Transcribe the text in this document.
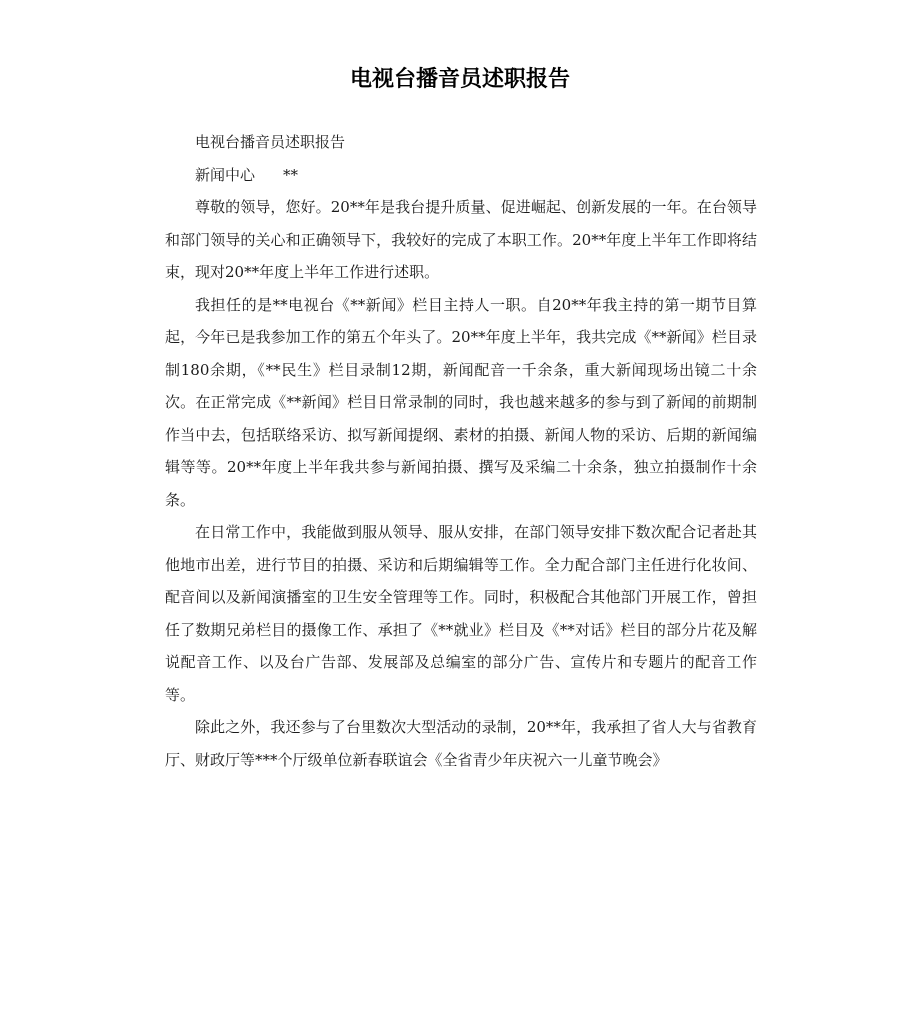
电视台播音员述职报告

电视台播音员述职报告

新闻中心 **

尊敬的领导，您好。20**年是我台提升质量、促进崛起、创新发展的一年。在台领导和部门领导的关心和正确领导下，我较好的完成了本职工作。20**年度上半年工作即将结束，现对20**年度上半年工作进行述职。

我担任的是**电视台《**新闻》栏目主持人一职。自20**年我主持的第一期节目算起，今年已是我参加工作的第五个年头了。20**年度上半年，我共完成《**新闻》栏目录制180余期，《**民生》栏目录制12期，新闻配音一千余条，重大新闻现场出镜二十余次。在正常完成《**新闻》栏目日常录制的同时，我也越来越多的参与到了新闻的前期制作当中去，包括联络采访、拟写新闻提纲、素材的拍摄、新闻人物的采访、后期的新闻编辑等等。20**年度上半年我共参与新闻拍摄、撰写及采编二十余条，独立拍摄制作十余条。

在日常工作中，我能做到服从领导、服从安排，在部门领导安排下数次配合记者赴其他地市出差，进行节目的拍摄、采访和后期编辑等工作。全力配合部门主任进行化妆间、配音间以及新闻演播室的卫生安全管理等工作。同时，积极配合其他部门开展工作，曾担任了数期兄弟栏目的摄像工作、承担了《**就业》栏目及《**对话》栏目的部分片花及解说配音工作、以及台广告部、发展部及总编室的部分广告、宣传片和专题片的配音工作等。

除此之外，我还参与了台里数次大型活动的录制，20**年，我承担了省人大与省教育厅、财政厅等***个厅级单位新春联谊会《全省青少年庆祝六一儿童节晚会》
